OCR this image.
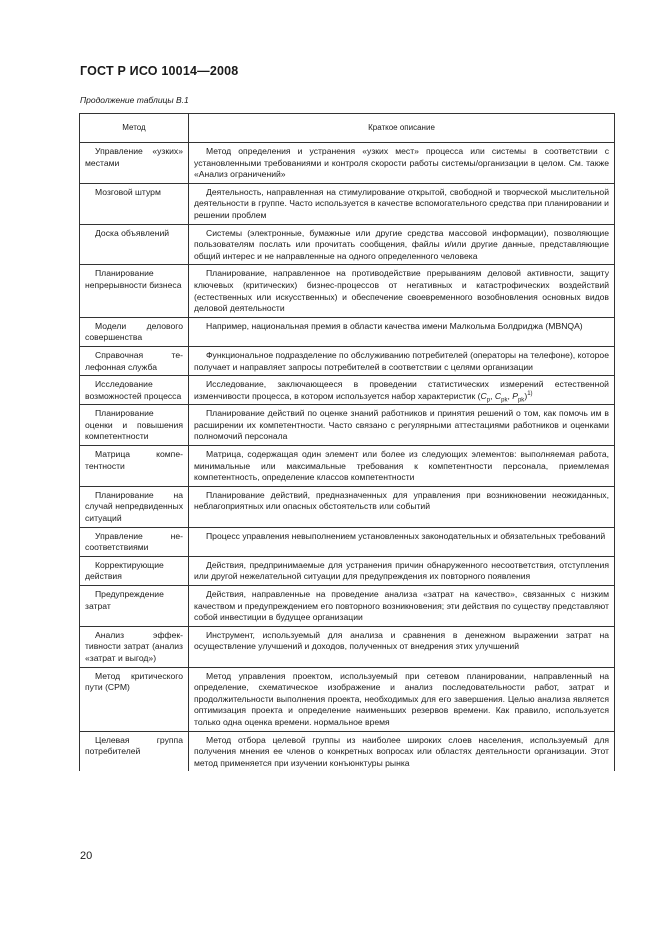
ГОСТ Р ИСО 10014—2008
Продолжение таблицы В.1
Метод	Краткое описание
Управление «узких» местами	Метод определения и устранения «узких мест» процесса или системы в соответствии с установленными требованиями и контроля скорости работы системы/организации в целом. См. также «Анализ ограничений»
Мозговой штурм	Деятельность, направленная на стимулирование открытой, свободной и творческой мыслительной деятельности в группе. Часто используется в качестве вспомогательного средства при планировании и решении проблем
Доска объявлений	Системы (электронные, бумажные или другие средства массовой информации), позволяющие пользователям послать или прочитать сообщения, файлы и/или другие данные, представляющие общий интерес и не направленные на одного определенного человека
Планирование непрерывности бизнеса	Планирование, направленное на противодействие прерываниям деловой активности, защиту ключевых (критических) бизнес-процессов от негативных и катастрофических воздействий (естественных или искусственных) и обеспечение своевременного возобновления основных видов деловой деятельности
Модели делового совершенства	Например, национальная премия в области качества имени Малкольма Болдриджа (MBNQA)
Справочная телефонная служба	Функциональное подразделение по обслуживанию потребителей (операторы на телефоне), которое получает и направляет запросы потребителей в соответствии с целями организации
Исследование возможностей процесса	Исследование, заключающееся в проведении статистических измерений естественной изменчивости процесса, в котором используется набор характеристик ($C_p$, $C_{pk}$, $P_{pk})^{1)}$
Планирование оценки и повышения компетентности	Планирование действий по оценке знаний работников и принятия решений о том, как помочь им в расширении их компетентности. Часто связано с регулярными аттестациями работников и оценками полномочий персонала
Матрица компетентности	Матрица, содержащая один элемент или более из следующих элементов: выполняемая работа, минимальные или максимальные требования к компетентности персонала, приемлемая компетентность, определение классов компетентности
Планирование на случай непредвиденных ситуаций	Планирование действий, предназначенных для управления при возникновении неожиданных, неблагоприятных или опасных обстоятельств или событий
Управление несоответствиями	Процесс управления невыполнением установленных законодательных и обязательных требований
Корректирующие действия	Действия, предпринимаемые для устранения причин обнаруженного несоответствия, отступления или другой нежелательной ситуации для предупреждения их повторного появления
Предупреждение затрат	Действия, направленные на проведение анализа «затрат на качество», связанных с низким качеством и предупреждением его повторного возникновения; эти действия по существу представляют собой инвестиции в будущее организации
Анализ эффективности затрат (анализ «затрат и выгод»)	Инструмент, используемый для анализа и сравнения в денежном выражении затрат на осуществление улучшений и доходов, полученных от внедрения этих улучшений
Метод критического пути (CPM)	Метод управления проектом, используемый при сетевом планировании, направленный на определение, схематическое изображение и анализ последовательности работ, затрат и продолжительности выполнения проекта, необходимых для его завершения. Целью анализа является оптимизация проекта и определение наименьших резервов времени. Как правило, используется только одна оценка времени. нормальное время
Целевая группа потребителей	Метод отбора целевой группы из наиболее широких слоев населения, используемый для получения мнения ее членов о конкретных вопросах или областях деятельности организации. Этот метод применяется при изучении конъюнктуры рынка
20
